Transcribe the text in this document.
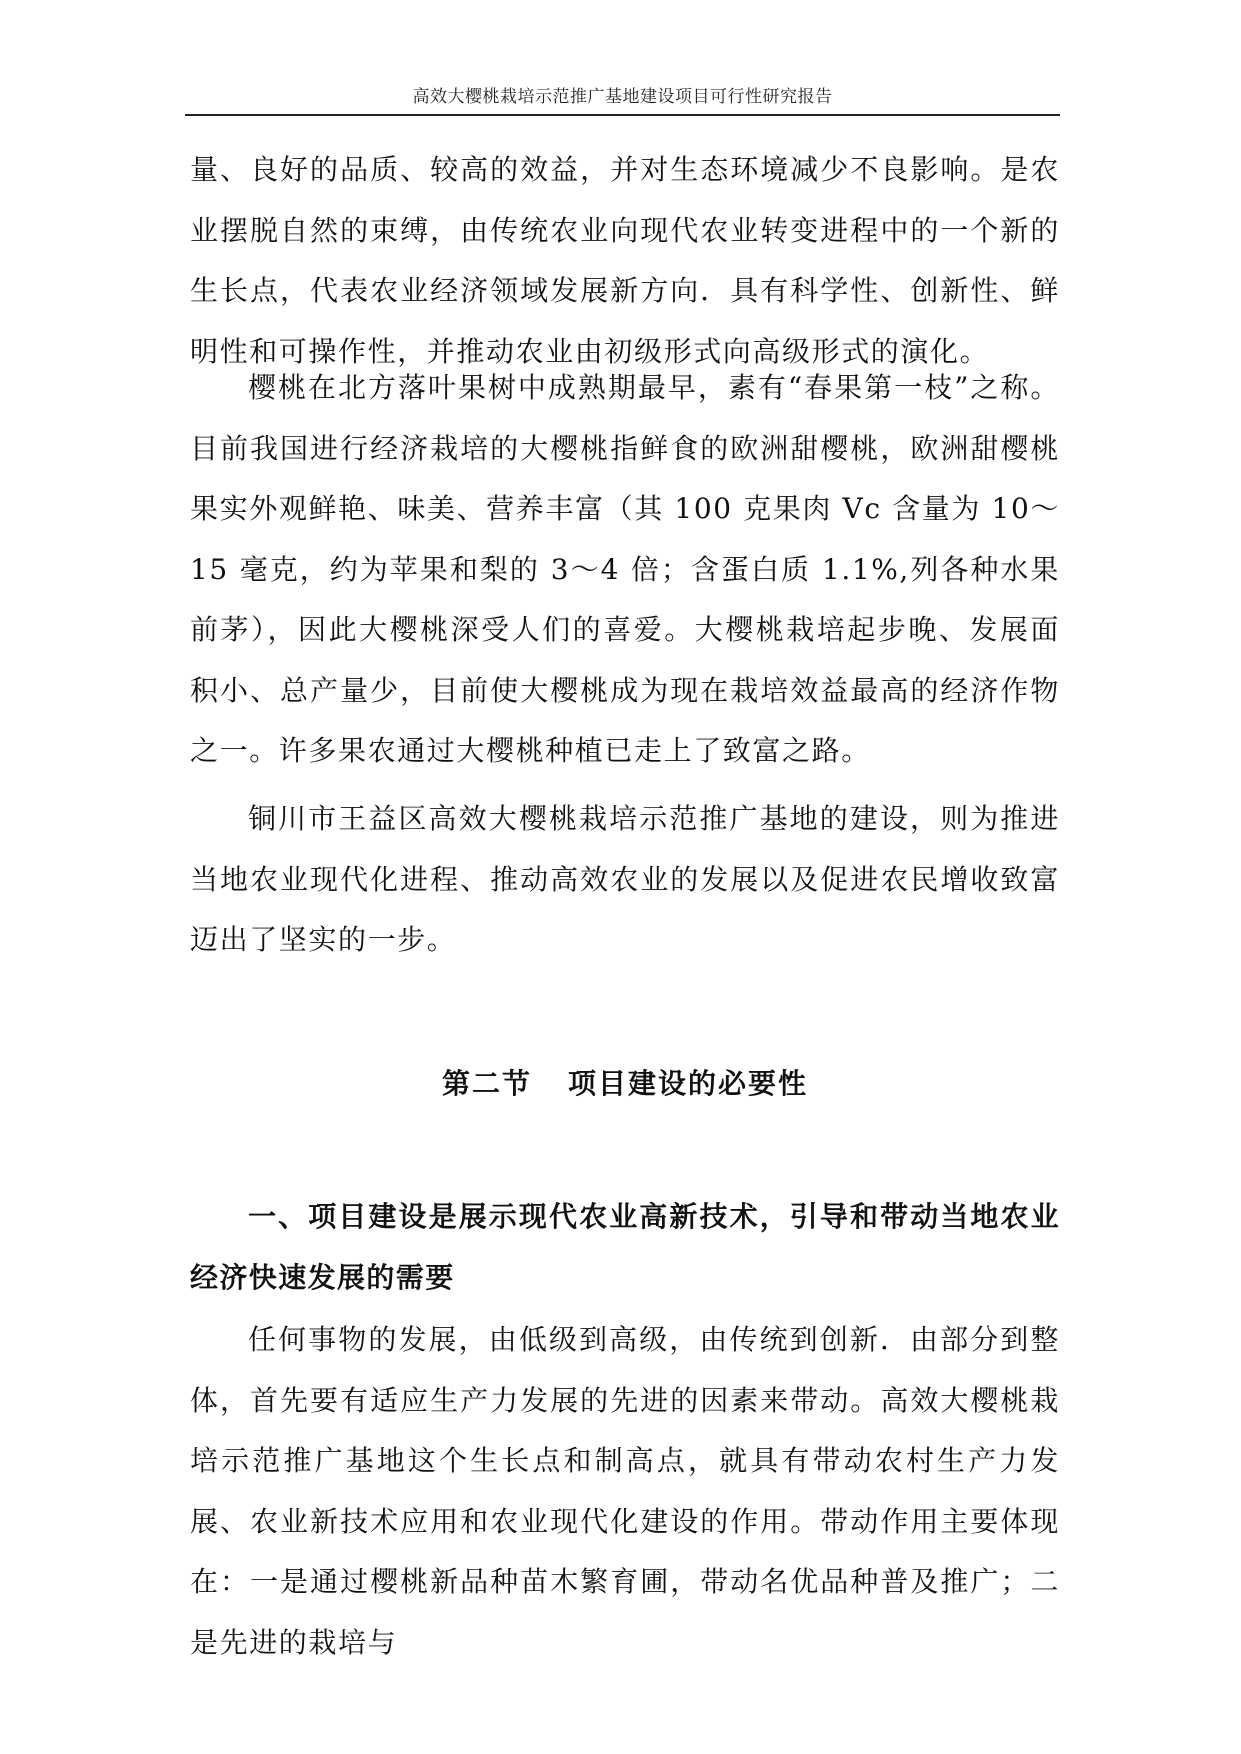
高效大樱桃栽培示范推广基地建设项目可行性研究报告

量、良好的品质、较高的效益，并对生态环境减少不良影响。是农业摆脱自然的束缚，由传统农业向现代农业转变进程中的一个新的生长点，代表农业经济领域发展新方向．具有科学性、创新性、鲜明性和可操作性，并推动农业由初级形式向高级形式的演化。

樱桃在北方落叶果树中成熟期最早，素有“春果第一枝”之称。目前我国进行经济栽培的大樱桃指鲜食的欧洲甜樱桃，欧洲甜樱桃果实外观鲜艳、味美、营养丰富（其 100 克果肉 Vc 含量为 10～15 毫克，约为苹果和梨的 3～4 倍；含蛋白质 1.1%,列各种水果前茅），因此大樱桃深受人们的喜爱。大樱桃栽培起步晚、发展面积小、总产量少，目前使大樱桃成为现在栽培效益最高的经济作物之一。许多果农通过大樱桃种植已走上了致富之路。

铜川市王益区高效大樱桃栽培示范推广基地的建设，则为推进当地农业现代化进程、推动高效农业的发展以及促进农民增收致富迈出了坚实的一步。

第二节 项目建设的必要性
一、项目建设是展示现代农业高新技术，引导和带动当地农业经济快速发展的需要

任何事物的发展，由低级到高级，由传统到创新．由部分到整体，首先要有适应生产力发展的先进的因素来带动。高效大樱桃栽培示范推广基地这个生长点和制高点，就具有带动农村生产力发展、农业新技术应用和农业现代化建设的作用。带动作用主要体现在：一是通过樱桃新品种苗木繁育圃，带动名优品种普及推广；二是先进的栽培与
